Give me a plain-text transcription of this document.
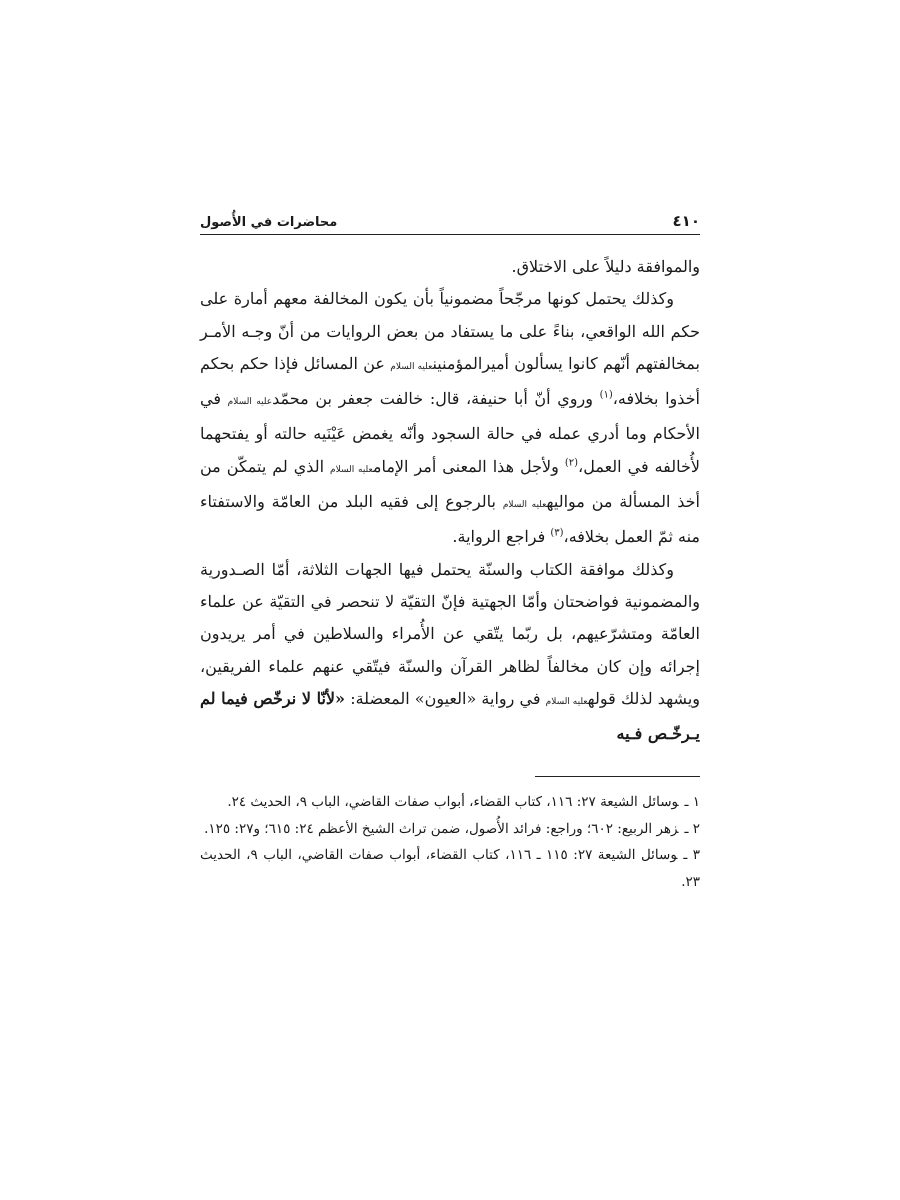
٤١٠
محاضرات في الأُصول

والموافقة دليلاً على الاختلاق.

وكذلك يحتمل كونها مرجّحاً مضمونياً بأن يكون المخالفة معهم أمارة على حكم الله الواقعي، بناءً على ما يستفاد من بعض الروايات من أنّ وجـه الأمـر بمخالفتهم أنّهم كانوا يسألون أميرالمؤمنينعليه السلام عن المسائل فإذا حكم بحكم أخذوا بخلافه،$^{(١)}$ وروي أنّ أبا حنيفة، قال: خالفت جعفر بن محمّدعليه السلام في الأحكام وما أدري عمله في حالة السجود وأنّه يغمض عَيْنَيه حالته أو يفتحهما لأُخالفه في العمل،$^{(٢)}$ ولأجل هذا المعنى أمر الإمامعليه السلام الذي لم يتمكّن من أخذ المسألة من مواليهعليه السلام بالرجوع إلى فقيه البلد من العامّة والاستفتاء منه ثمّ العمل بخلافه،$^{(٣)}$ فراجع الرواية.

وكذلك موافقة الكتاب والسنّة يحتمل فيها الجهات الثلاثة، أمّا الصـدورية والمضمونية فواضحتان وأمّا الجهتية فإنّ التقيّة لا تنحصر في التقيّة عن علماء العامّة ومتشرّعيهم، بل ربّما يتّقي عن الأُمراء والسلاطين في أمر يريدون إجرائه وإن كان مخالفاً لظاهر القرآن والسنّة فيتّقي عنهم علماء الفريقين، ويشهد لذلك قولهعليه السلام في رواية «العيون» المعضلة: «لأنّا لا نرخّص فيما لم يـرخّـص فـيه

١ ـوسائل الشيعة ٢٧: ١١٦، كتاب القضاء، أبواب صفات القاضي، الباب ٩، الحديث ٢٤.
٢ ـزهر الربيع: ٦٠٢؛ وراجع: فرائد الأُصول، ضمن تراث الشيخ الأعظم ٢٤: ٦١٥؛ و٢٧: ١٢٥.
٣ ـوسائل الشيعة ٢٧: ١١٥ ـ ١١٦، كتاب القضاء، أبواب صفات القاضي، الباب ٩، الحديث ٢٣.
